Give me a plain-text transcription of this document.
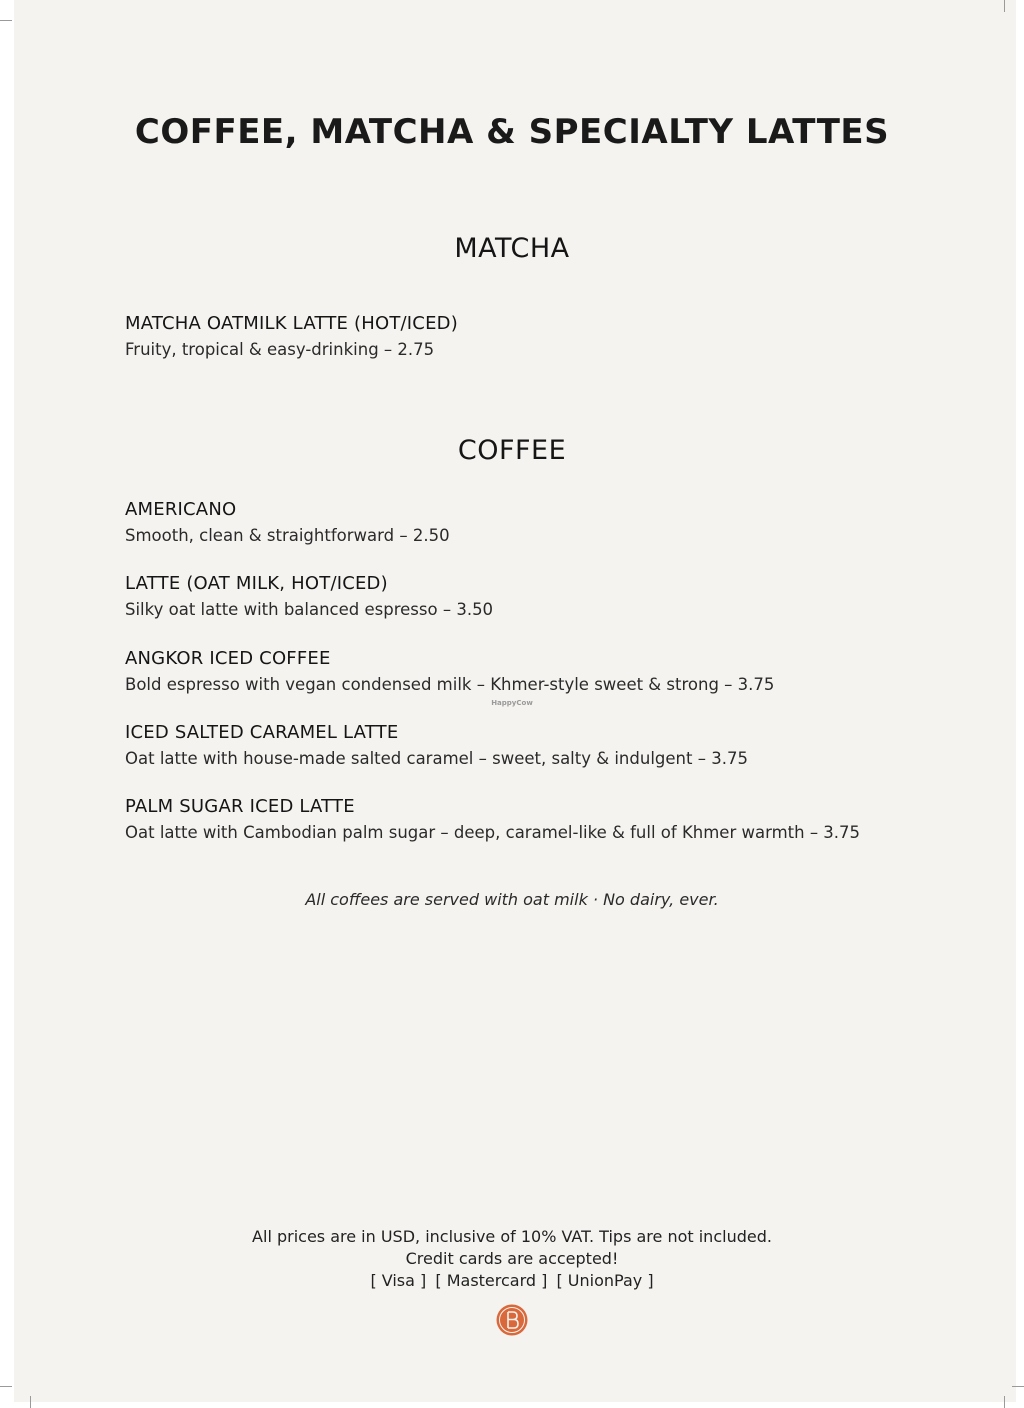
COFFEE, MATCHA & SPECIALTY LATTES
MATCHA
MATCHA OATMILK LATTE (HOT/ICED)
Fruity, tropical & easy-drinking – 2.75
COFFEE
AMERICANO
Smooth, clean & straightforward – 2.50
LATTE (OAT MILK, HOT/ICED)
Silky oat latte with balanced espresso – 3.50
ANGKOR ICED COFFEE
Bold espresso with vegan condensed milk – Khmer-style sweet & strong – 3.75
HappyCow
ICED SALTED CARAMEL LATTE
Oat latte with house-made salted caramel – sweet, salty & indulgent – 3.75
PALM SUGAR ICED LATTE
Oat latte with Cambodian palm sugar – deep, caramel-like & full of Khmer warmth – 3.75
All coffees are served with oat milk · No dairy, ever.
All prices are in USD, inclusive of 10% VAT. Tips are not included.
Credit cards are accepted!
[ Visa ] [ Mastercard ] [ UnionPay ]
